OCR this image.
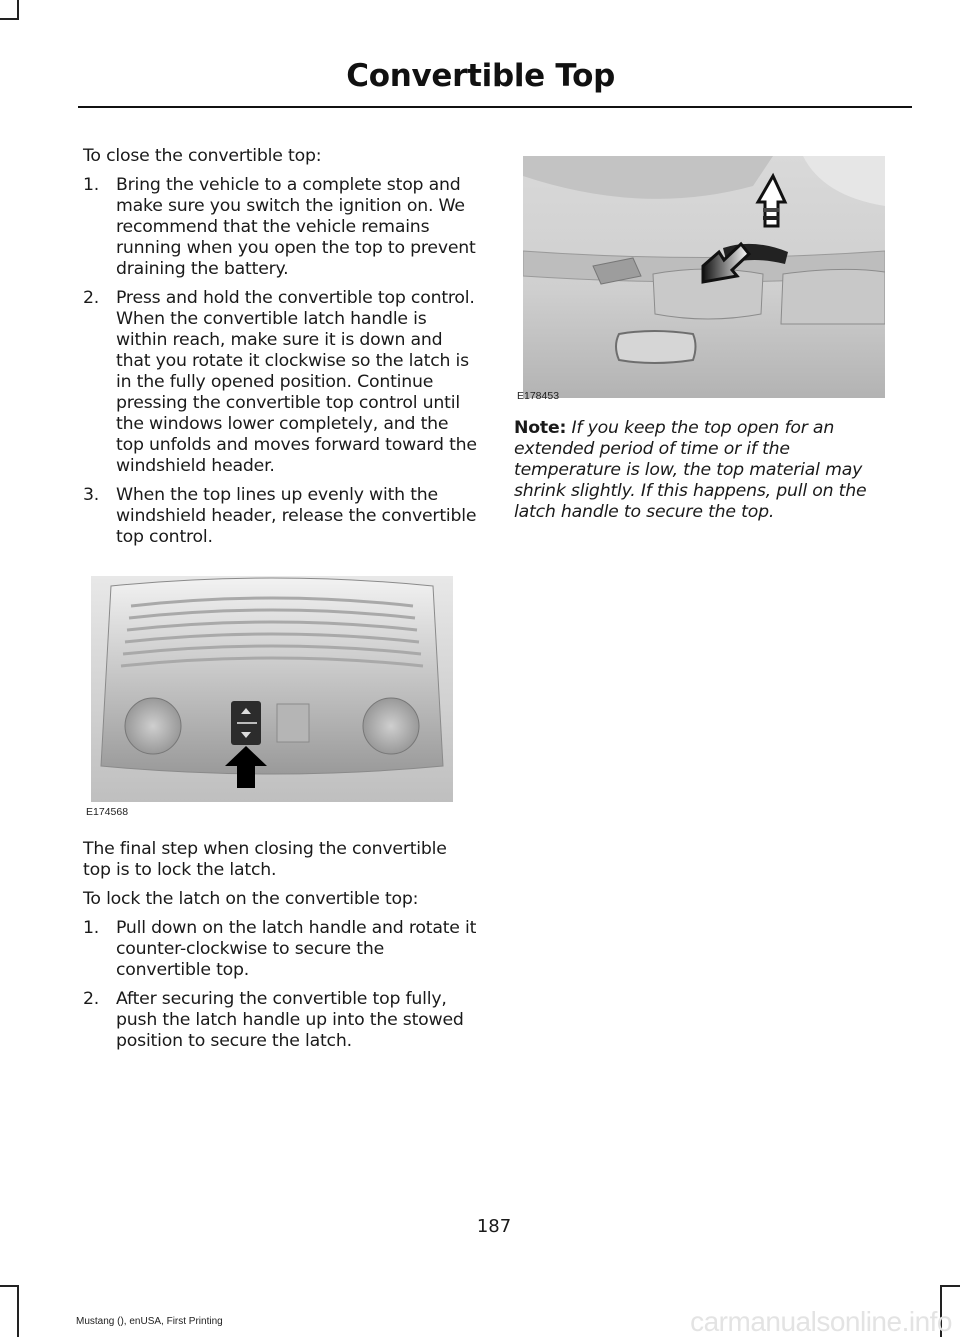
Convertible Top

To close the convertible top:

1. Bring the vehicle to a complete stop and make sure you switch the ignition on. We recommend that the vehicle remains running when you open the top to prevent draining the battery.
2. Press and hold the convertible top control. When the convertible latch handle is within reach, make sure it is down and that you rotate it clockwise so the latch is in the fully opened position. Continue pressing the convertible top control until the windows lower completely, and the top unfolds and moves forward toward the windshield header.
3. When the top lines up evenly with the windshield header, release the convertible top control.
E174568

The final step when closing the convertible top is to lock the latch.

To lock the latch on the convertible top:

1. Pull down on the latch handle and rotate it counter-clockwise to secure the convertible top.
2. After securing the convertible top fully, push the latch handle up into the stowed position to secure the latch.
E178453

Note: If you keep the top open for an extended period of time or if the temperature is low, the top material may shrink slightly. If this happens, pull on the latch handle to secure the top.

187
Mustang (), enUSA, First Printing	carmanualsonline.info
